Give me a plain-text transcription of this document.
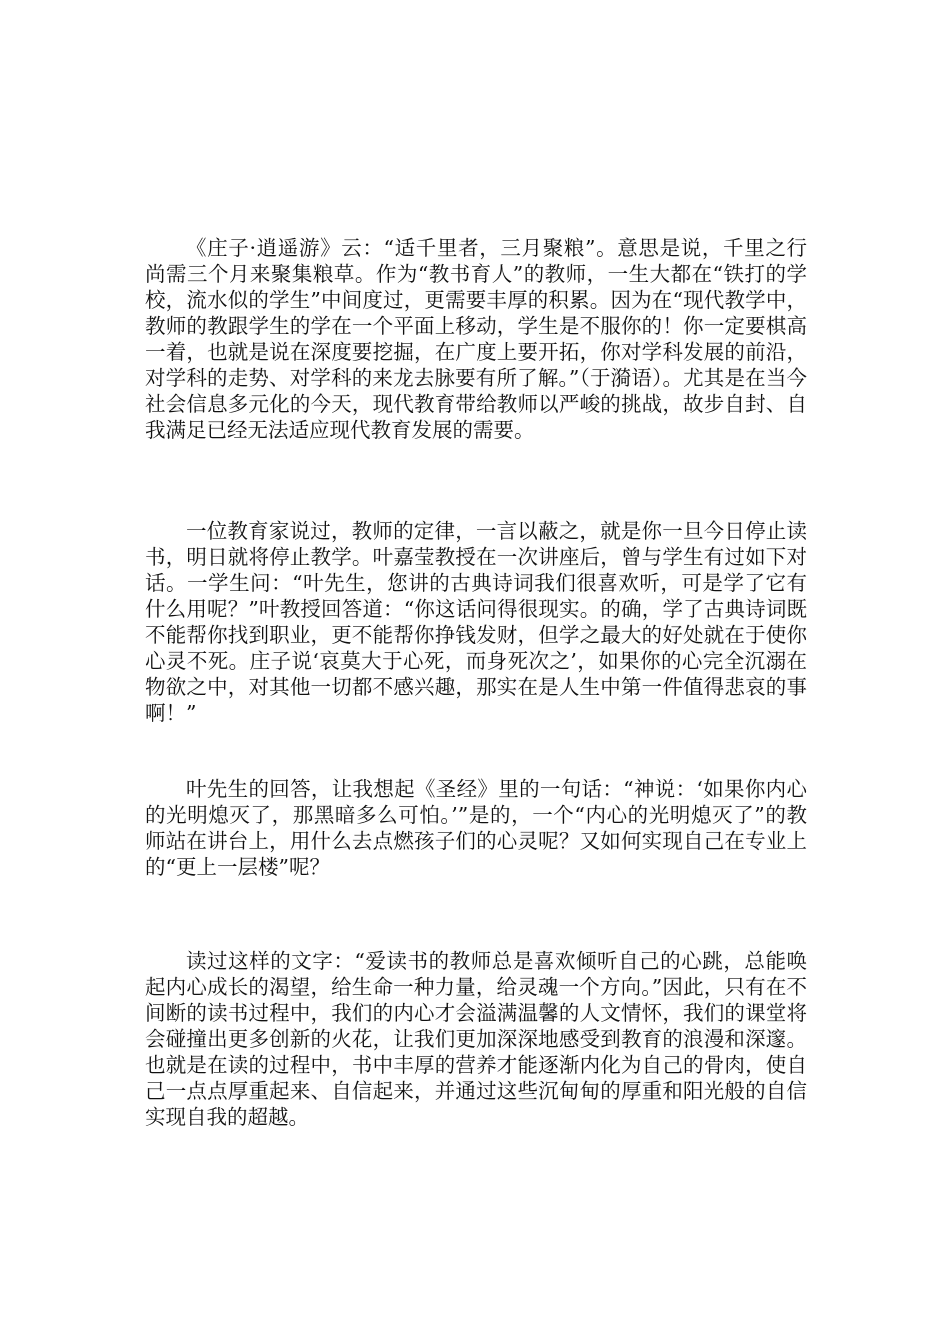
《庄子·逍遥游》云：“适千里者，三月聚粮”。意思是说，千里之行尚需三个月来聚集粮草。作为“教书育人”的教师，一生大都在“铁打的学校，流水似的学生”中间度过，更需要丰厚的积累。因为在“现代教学中，教师的教跟学生的学在一个平面上移动，学生是不服你的！你一定要棋高一着，也就是说在深度要挖掘，在广度上要开拓，你对学科发展的前沿，对学科的走势、对学科的来龙去脉要有所了解。”（于漪语）。尤其是在当今社会信息多元化的今天，现代教育带给教师以严峻的挑战，故步自封、自我满足已经无法适应现代教育发展的需要。

一位教育家说过，教师的定律，一言以蔽之，就是你一旦今日停止读书，明日就将停止教学。叶嘉莹教授在一次讲座后，曾与学生有过如下对话。一学生问：“叶先生，您讲的古典诗词我们很喜欢听，可是学了它有什么用呢？”叶教授回答道：“你这话问得很现实。的确，学了古典诗词既不能帮你找到职业，更不能帮你挣钱发财，但学之最大的好处就在于使你心灵不死。庄子说‘哀莫大于心死，而身死次之’，如果你的心完全沉溺在物欲之中，对其他一切都不感兴趣，那实在是人生中第一件值得悲哀的事啊！”

叶先生的回答，让我想起《圣经》里的一句话：“神说：‘如果你内心的光明熄灭了，那黑暗多么可怕。’”是的，一个“内心的光明熄灭了”的教师站在讲台上，用什么去点燃孩子们的心灵呢？又如何实现自己在专业上的“更上一层楼”呢？

读过这样的文字：“爱读书的教师总是喜欢倾听自己的心跳，总能唤起内心成长的渴望，给生命一种力量，给灵魂一个方向。”因此，只有在不间断的读书过程中，我们的内心才会溢满温馨的人文情怀，我们的课堂将会碰撞出更多创新的火花，让我们更加深深地感受到教育的浪漫和深邃。也就是在读的过程中，书中丰厚的营养才能逐渐内化为自己的骨肉，使自己一点点厚重起来、自信起来，并通过这些沉甸甸的厚重和阳光般的自信实现自我的超越。
